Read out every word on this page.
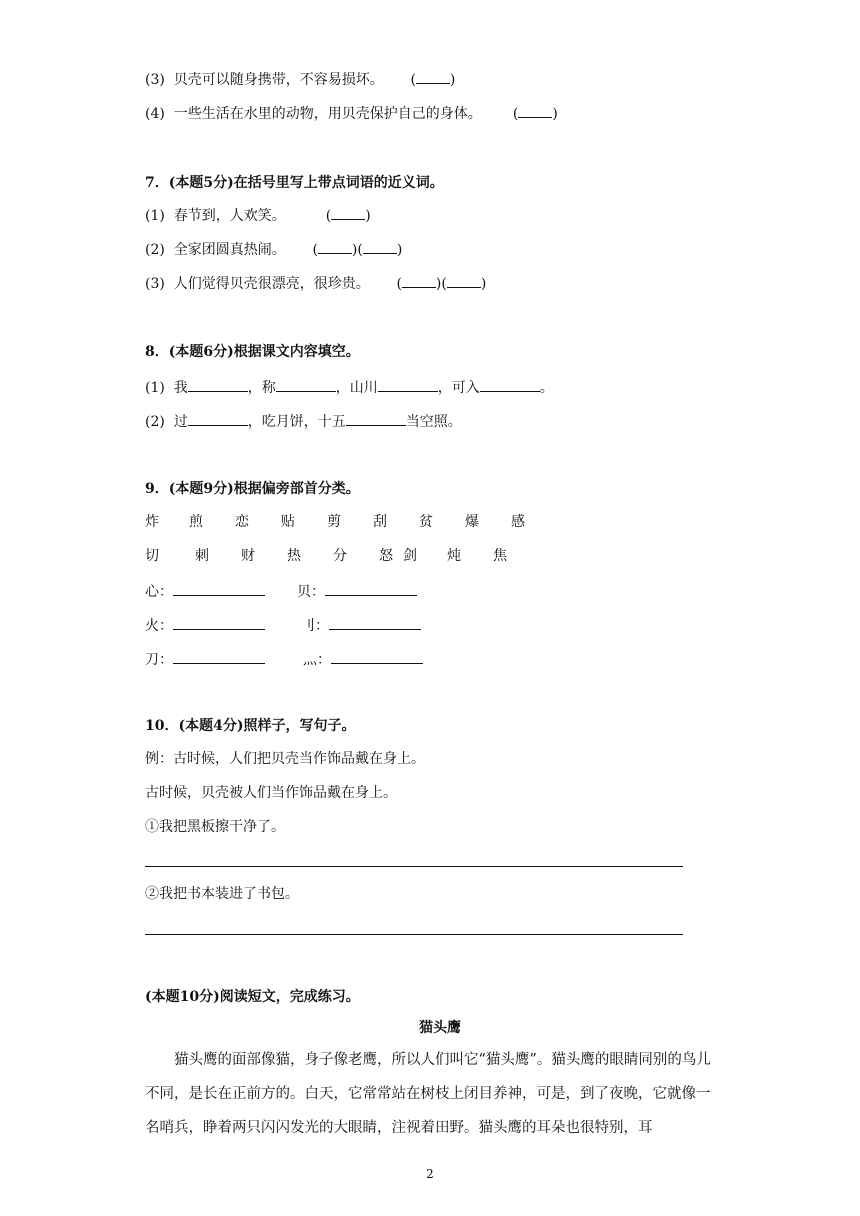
(3) 贝壳可以随身携带，不容易损坏。      ( )
(4) 一些生活在水里的动物，用贝壳保护自己的身体。       ( )
7．(本题5分)在括号里写上带点词语的近义词。
(1) 春节到，人欢笑。         ( )
(2) 全家团圆真热闹。      ( )( )
(3) 人们觉得贝壳很漂亮，很珍贵。      ( )( )
8．(本题6分)根据课文内容填空。
(1) 我	，称	，山川	，可入	。
(2) 过	，吃月饼，十五	当空照。
9．(本题9分)根据偏旁部首分类。
炸 煎 恋 贴 剪 刮 贫 爆 感
切	刺 财 热 分 怒 剑 炖 焦
心：	贝：
火：	刂：
刀：	灬：
10．(本题4分)照样子，写句子。
例：古时候，人们把贝壳当作饰品戴在身上。
古时候，贝壳被人们当作饰品戴在身上。
①我把黑板擦干净了。
②我把书本装进了书包。
(本题10分)阅读短文，完成练习。
猫头鹰
猫头鹰的面部像猫，身子像老鹰，所以人们叫它“猫头鹰”。猫头鹰的眼睛同别的鸟儿不同，是长在正前方的。白天，它常常站在树枝上闭目养神，可是，到了夜晚，它就像一名哨兵，睁着两只闪闪发光的大眼睛，注视着田野。猫头鹰的耳朵也很特别，耳
2
